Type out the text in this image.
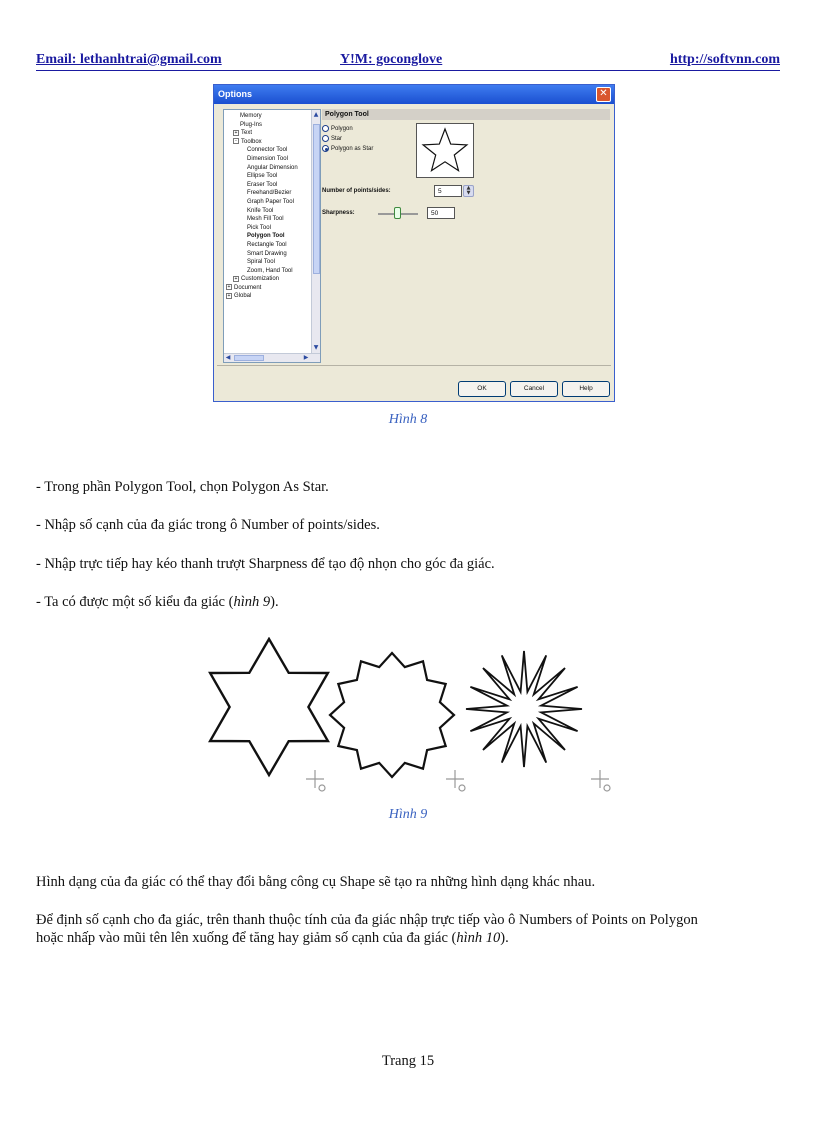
Email: lethanhtrai@gmail.com	Y!M: goconglove	http://softvnn.com
Options	✕
Memory
Plug-Ins
+ Text
- Toolbox
Connector Tool
Dimension Tool
Angular Dimension
Ellipse Tool
Eraser Tool
Freehand/Bezier
Graph Paper Tool
Knife Tool
Mesh Fill Tool
Pick Tool
Polygon Tool
Rectangle Tool
Smart Drawing
Spiral Tool
Zoom, Hand Tool
+ Customization
+ Document
+ Global
▲
▼
◀	▶
Polygon Tool
Polygon
Star
Polygon as Star
Number of points/sides:	5	▲
▼
Sharpness:	50
OK	Cancel	Help
Hình 8

- Trong phần Polygon Tool, chọn Polygon As Star.

- Nhập số cạnh của đa giác trong ô Number of points/sides.

- Nhập trực tiếp hay kéo thanh trượt Sharpness để tạo độ nhọn cho góc đa giác.

- Ta có được một số kiểu đa giác (hình 9).

Hình 9

Hình dạng của đa giác có thể thay đổi bằng công cụ Shape sẽ tạo ra những hình dạng khác nhau.

Để định số cạnh cho đa giác, trên thanh thuộc tính của đa giác nhập trực tiếp vào ô Numbers of Points on Polygon
hoặc nhấp vào mũi tên lên xuống để tăng hay giảm số cạnh của đa giác (hình 10).

Trang 15
